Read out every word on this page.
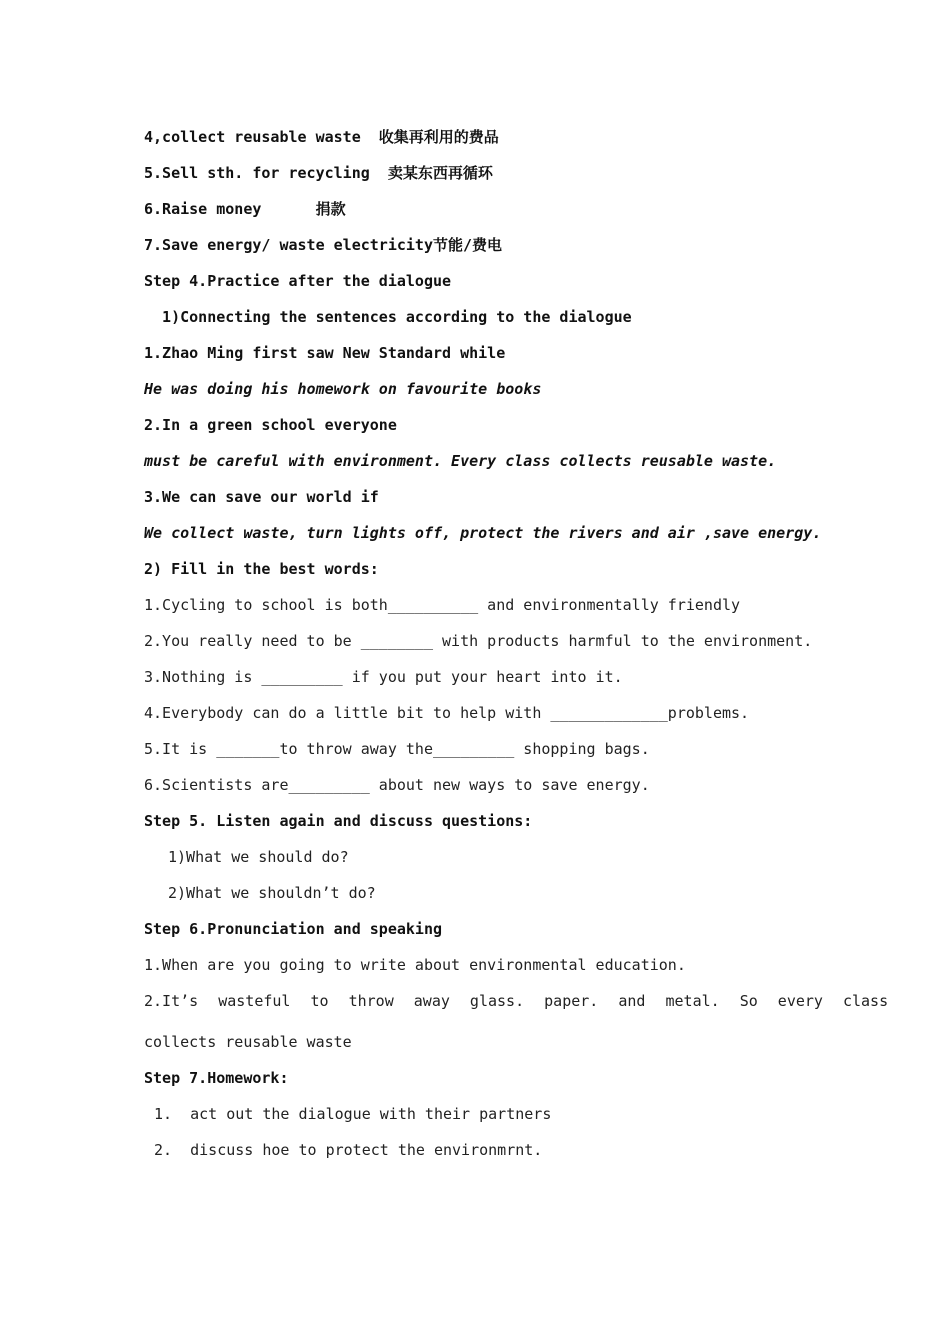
4,collect reusable waste  收集再利用的费品
5.Sell sth. for recycling  卖某东西再循环
6.Raise money      捐款
7.Save energy/ waste electricity节能/费电
Step 4.Practice after the dialogue
1)Connecting the sentences according to the dialogue
1.Zhao Ming first saw New Standard while
He was doing his homework on favourite books
2.In a green school everyone
must be careful with environment. Every class collects reusable waste.
3.We can save our world if
We collect waste, turn lights off, protect the rivers and air ,save energy.
2) Fill in the best words:
1.Cycling to school is both__________ and environmentally friendly
2.You really need to be ________ with products harmful to the environment.
3.Nothing is _________ if you put your heart into it.
4.Everybody can do a little bit to help with _____________problems.
5.It is _______to throw away the_________ shopping bags.
6.Scientists are_________ about new ways to save energy.
Step 5. Listen again and discuss questions:
1)What we should do?
2)What we shouldn’t do?
Step 6.Pronunciation and speaking
1.When are you going to write about environmental education.
2.It’s wasteful to throw away glass. paper. and metal. So every class
collects reusable waste
Step 7.Homework:
1.  act out the dialogue with their partners
2.  discuss hoe to protect the environmrnt.
